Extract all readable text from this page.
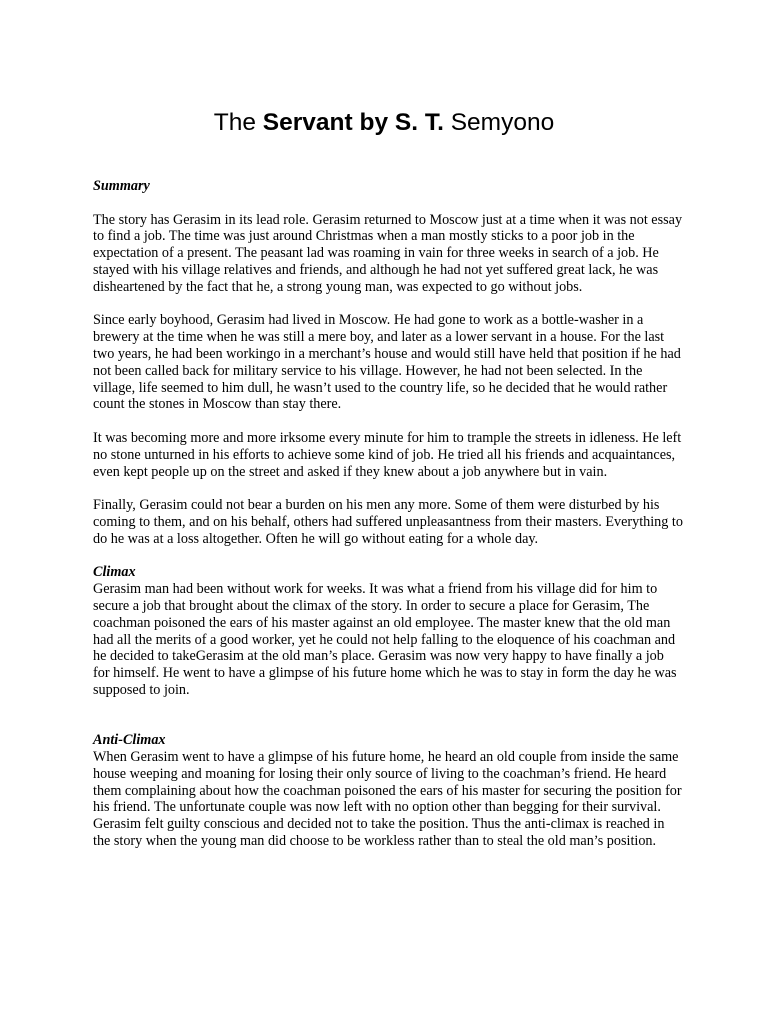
The Servant by S. T. Semyono

Summary

The story has Gerasim in its lead role. Gerasim returned to Moscow just at a time when it was not essay to find a job. The time was just around Christmas when a man mostly sticks to a poor job in the expectation of a present. The peasant lad was roaming in vain for three weeks in search of a job. He stayed with his village relatives and friends, and although he had not yet suffered great lack, he was disheartened by the fact that he, a strong young man, was expected to go without jobs.

Since early boyhood, Gerasim had lived in Moscow. He had gone to work as a bottle-washer in a brewery at the time when he was still a mere boy, and later as a lower servant in a house. For the last two years, he had been workingo in a merchant’s house and would still have held that position if he had not been called back for military service to his village. However, he had not been selected. In the village, life seemed to him dull, he wasn’t used to the country life, so he decided that he would rather count the stones in Moscow than stay there.

It was becoming more and more irksome every minute for him to trample the streets in idleness. He left no stone unturned in his efforts to achieve some kind of job. He tried all his friends and acquaintances, even kept people up on the street and asked if they knew about a job anywhere but in vain.

Finally, Gerasim could not bear a burden on his men any more. Some of them were disturbed by his coming to them, and on his behalf, others had suffered unpleasantness from their masters. Everything to do he was at a loss altogether. Often he will go without eating for a whole day.

Climax

Gerasim man had been without work for weeks. It was what a friend from his village did for him to secure a job that brought about the climax of the story. In order to secure a place for Gerasim, The coachman poisoned the ears of his master against an old employee. The master knew that the old man had all the merits of a good worker, yet he could not help falling to the eloquence of his coachman and he decided to takeGerasim at the old man’s place. Gerasim was now very happy to have finally a job for himself. He went to have a glimpse of his future home which he was to stay in form the day he was supposed to join.

Anti-Climax

When Gerasim went to have a glimpse of his future home, he heard an old couple from inside the same house weeping and moaning for losing their only source of living to the coachman’s friend. He heard them complaining about how the coachman poisoned the ears of his master for securing the position for his friend. The unfortunate couple was now left with no option other than begging for their survival. Gerasim felt guilty conscious and decided not to take the position. Thus the anti-climax is reached in the story when the young man did choose to be workless rather than to steal the old man’s position.
